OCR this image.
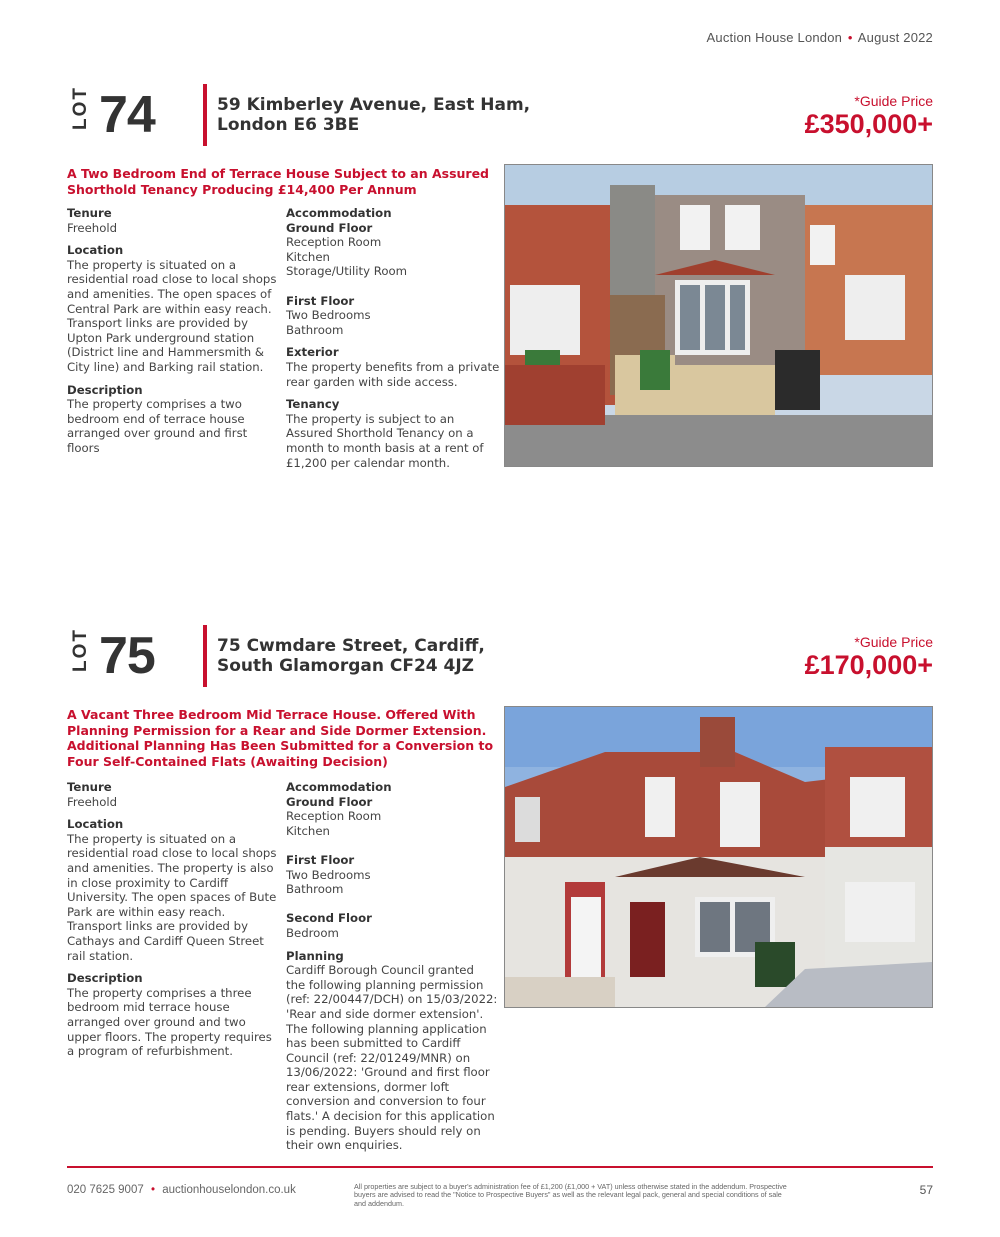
Auction House London • August 2022
LOT 74	59 Kimberley Avenue, East Ham,
London E6 3BE
*Guide Price
£350,000+
A Two Bedroom End of Terrace House Subject to an Assured
Shorthold Tenancy Producing £14,400 Per Annum
Tenure
Freehold
Location
The property is situated on a
residential road close to local shops
and amenities. The open spaces of
Central Park are within easy reach.
Transport links are provided by
Upton Park underground station
(District line and Hammersmith &
City line) and Barking rail station.
Description
The property comprises a two
bedroom end of terrace house
arranged over ground and first
floors
Accommodation
Ground Floor
Reception Room
Kitchen
Storage/Utility Room
First Floor
Two Bedrooms
Bathroom
Exterior
The property benefits from a private
rear garden with side access.
Tenancy
The property is subject to an
Assured Shorthold Tenancy on a
month to month basis at a rent of
£1,200 per calendar month.
LOT 75	75 Cwmdare Street, Cardiff,
South Glamorgan CF24 4JZ
*Guide Price
£170,000+
A Vacant Three Bedroom Mid Terrace House. Offered With
Planning Permission for a Rear and Side Dormer Extension.
Additional Planning Has Been Submitted for a Conversion to
Four Self-Contained Flats (Awaiting Decision)
Tenure
Freehold
Location
The property is situated on a
residential road close to local shops
and amenities. The property is also
in close proximity to Cardiff
University. The open spaces of Bute
Park are within easy reach.
Transport links are provided by
Cathays and Cardiff Queen Street
rail station.
Description
The property comprises a three
bedroom mid terrace house
arranged over ground and two
upper floors. The property requires
a program of refurbishment.
Accommodation
Ground Floor
Reception Room
Kitchen
First Floor
Two Bedrooms
Bathroom
Second Floor
Bedroom
Planning
Cardiff Borough Council granted
the following planning permission
(ref: 22/00447/DCH) on 15/03/2022:
'Rear and side dormer extension'.
The following planning application
has been submitted to Cardiff
Council (ref: 22/01249/MNR) on
13/06/2022: 'Ground and first floor
rear extensions, dormer loft
conversion and conversion to four
flats.' A decision for this application
is pending. Buyers should rely on
their own enquiries.
020 7625 9007 • auctionhouselondon.co.uk	All properties are subject to a buyer's administration fee of £1,200 (£1,000 + VAT) unless otherwise stated in the addendum. Prospective
buyers are advised to read the "Notice to Prospective Buyers" as well as the relevant legal pack, general and special conditions of sale
and addendum.
57
